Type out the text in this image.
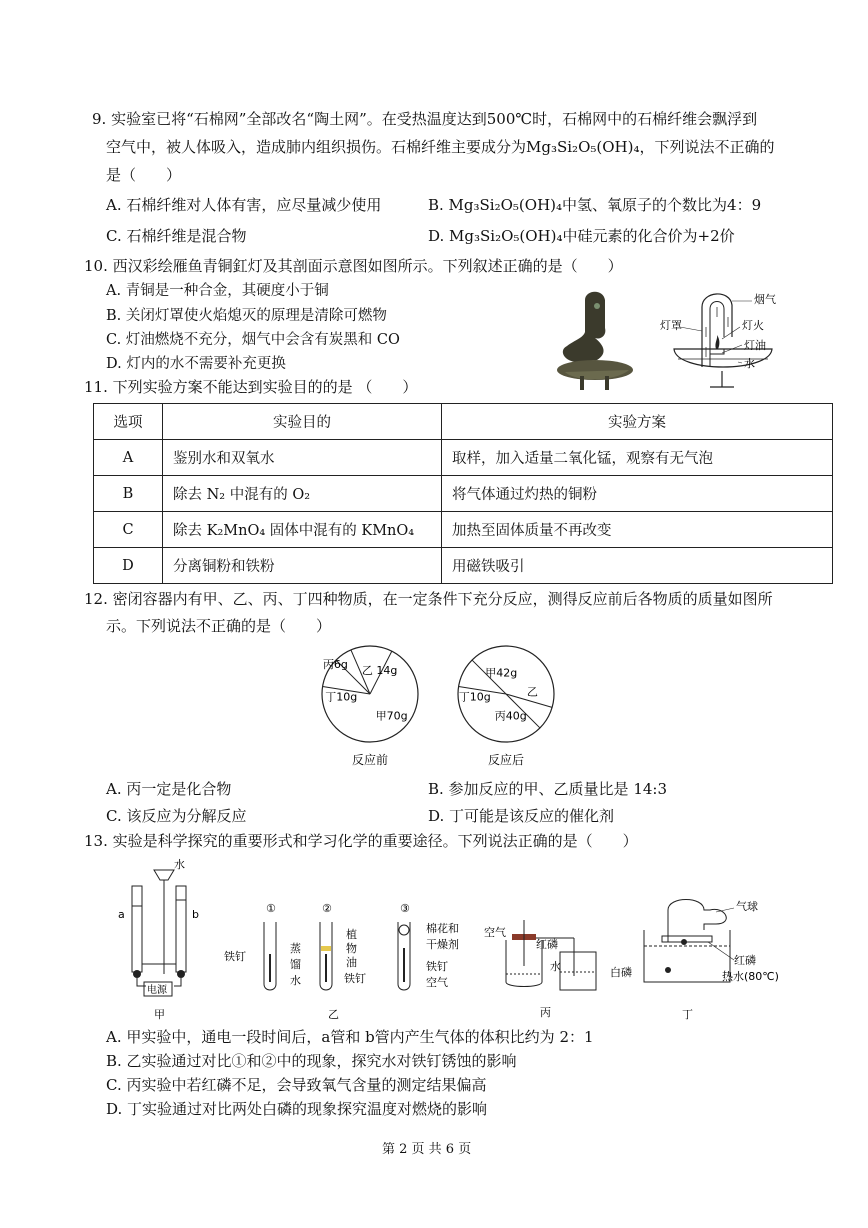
9. 实验室已将“石棉网”全部改名“陶土网”。在受热温度达到500℃时，石棉网中的石棉纤维会飘浮到
空气中，被人体吸入，造成肺内组织损伤。石棉纤维主要成分为Mg₃Si₂O₅(OH)₄，下列说法不正确的
是（　　）
A. 石棉纤维对人体有害，应尽量减少使用	B. Mg₃Si₂O₅(OH)₄中氢、氧原子的个数比为4：9
C. 石棉纤维是混合物	D. Mg₃Si₂O₅(OH)₄中硅元素的化合价为+2价
10. 西汉彩绘雁鱼青铜釭灯及其剖面示意图如图所示。下列叙述正确的是（　　）
A. 青铜是一种合金，其硬度小于铜
B. 关闭灯罩使火焰熄灭的原理是清除可燃物
C. 灯油燃烧不充分，烟气中会含有炭黑和 CO
D. 灯内的水不需要补充更换
烟气
灯罩	灯火
灯油
水
11. 下列实验方案不能达到实验目的的是 （　　）
选项	实验目的	实验方案
A	鉴别水和双氧水	取样，加入适量二氧化锰，观察有无气泡
B	除去 N₂ 中混有的 O₂	将气体通过灼热的铜粉
C	除去 K₂MnO₄ 固体中混有的 KMnO₄	加热至固体质量不再改变
D	分离铜粉和铁粉	用磁铁吸引
12. 密闭容器内有甲、乙、丙、丁四种物质，在一定条件下充分反应，测得反应前后各物质的质量如图所
示。下列说法不正确的是（　　）
甲70g
乙 14g
丙6g
丁10g
甲42g
乙
丙40g
丁10g
反应前	反应后
A. 丙一定是化合物	B. 参加反应的甲、乙质量比是 14:3
C. 该反应为分解反应	D. 丁可能是该反应的催化剂
13. 实验是科学探究的重要形式和学习化学的重要途径。下列说法正确的是（　　）
水
a	b
电源
甲
①	②	③
铁钉
蒸
馏
水
植
物
油
铁钉
棉花和
干燥剂
铁钉
空气
乙
空气
红磷
水
丙
气球
白磷
红磷
热水(80℃)
丁
A. 甲实验中，通电一段时间后，a管和 b管内产生气体的体积比约为 2：1
B. 乙实验通过对比①和②中的现象，探究水对铁钉锈蚀的影响
C. 丙实验中若红磷不足，会导致氧气含量的测定结果偏高
D. 丁实验通过对比两处白磷的现象探究温度对燃烧的影响
第 2 页 共 6 页
